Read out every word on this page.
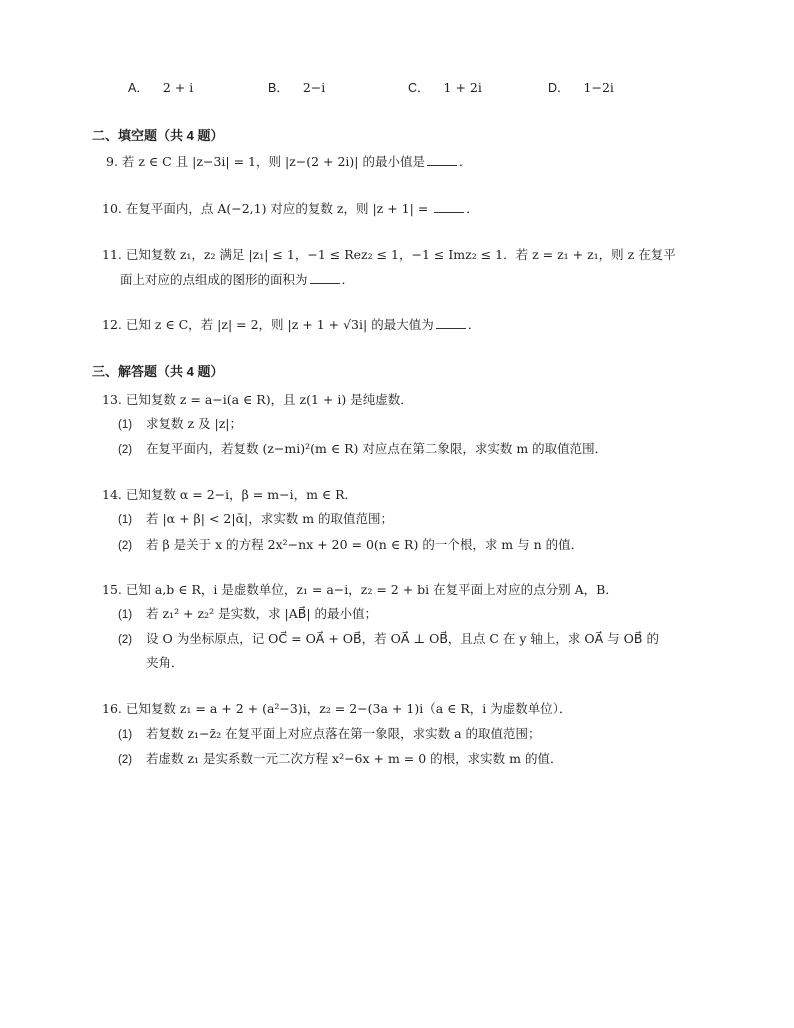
A． 2 + i	B． 2−i	C． 1 + 2i	D． 1−2i
二、填空题（共 4 题）
9. 若 z ∈ C 且 |z−3i| = 1，则 |z−(2 + 2i)| 的最小值是	．
10. 在复平面内，点 A(−2,1) 对应的复数 z，则 |z + 1| =	．
11. 已知复数 z₁，z₂ 满足 |z₁| ≤ 1，−1 ≤ Rez₂ ≤ 1，−1 ≤ Imz₂ ≤ 1．若 z = z₁ + z₁，则 z 在复平
面上对应的点组成的图形的面积为	．
12. 已知 z ∈ C，若 |z| = 2，则 |z + 1 + √3i| 的最大值为	．
三、解答题（共 4 题）
13. 已知复数 z = a−i(a ∈ R)，且 z(1 + i) 是纯虚数．
(1) 求复数 z 及 |z|；
(2) 在复平面内，若复数 (z−mi)²(m ∈ R) 对应点在第二象限，求实数 m 的取值范围．
14. 已知复数 α = 2−i，β = m−i，m ∈ R．
(1) 若 |α + β| < 2|ᾱ|，求实数 m 的取值范围；
(2) 若 β 是关于 x 的方程 2x²−nx + 20 = 0(n ∈ R) 的一个根，求 m 与 n 的值．
15. 已知 a,b ∈ R，i 是虚数单位，z₁ = a−i，z₂ = 2 + bi 在复平面上对应的点分别 A，B．
(1) 若 z₁² + z₂² 是实数，求 |AB⃗| 的最小值；
(2) 设 O 为坐标原点，记 OC⃗ = OA⃗ + OB⃗，若 OA⃗ ⊥ OB⃗，且点 C 在 y 轴上，求 OA⃗ 与 OB⃗ 的
夹角．
16. 已知复数 z₁ = a + 2 + (a²−3)i，z₂ = 2−(3a + 1)i（a ∈ R，i 为虚数单位）．
(1) 若复数 z₁−z̄₂ 在复平面上对应点落在第一象限，求实数 a 的取值范围；
(2) 若虚数 z₁ 是实系数一元二次方程 x²−6x + m = 0 的根，求实数 m 的值．
